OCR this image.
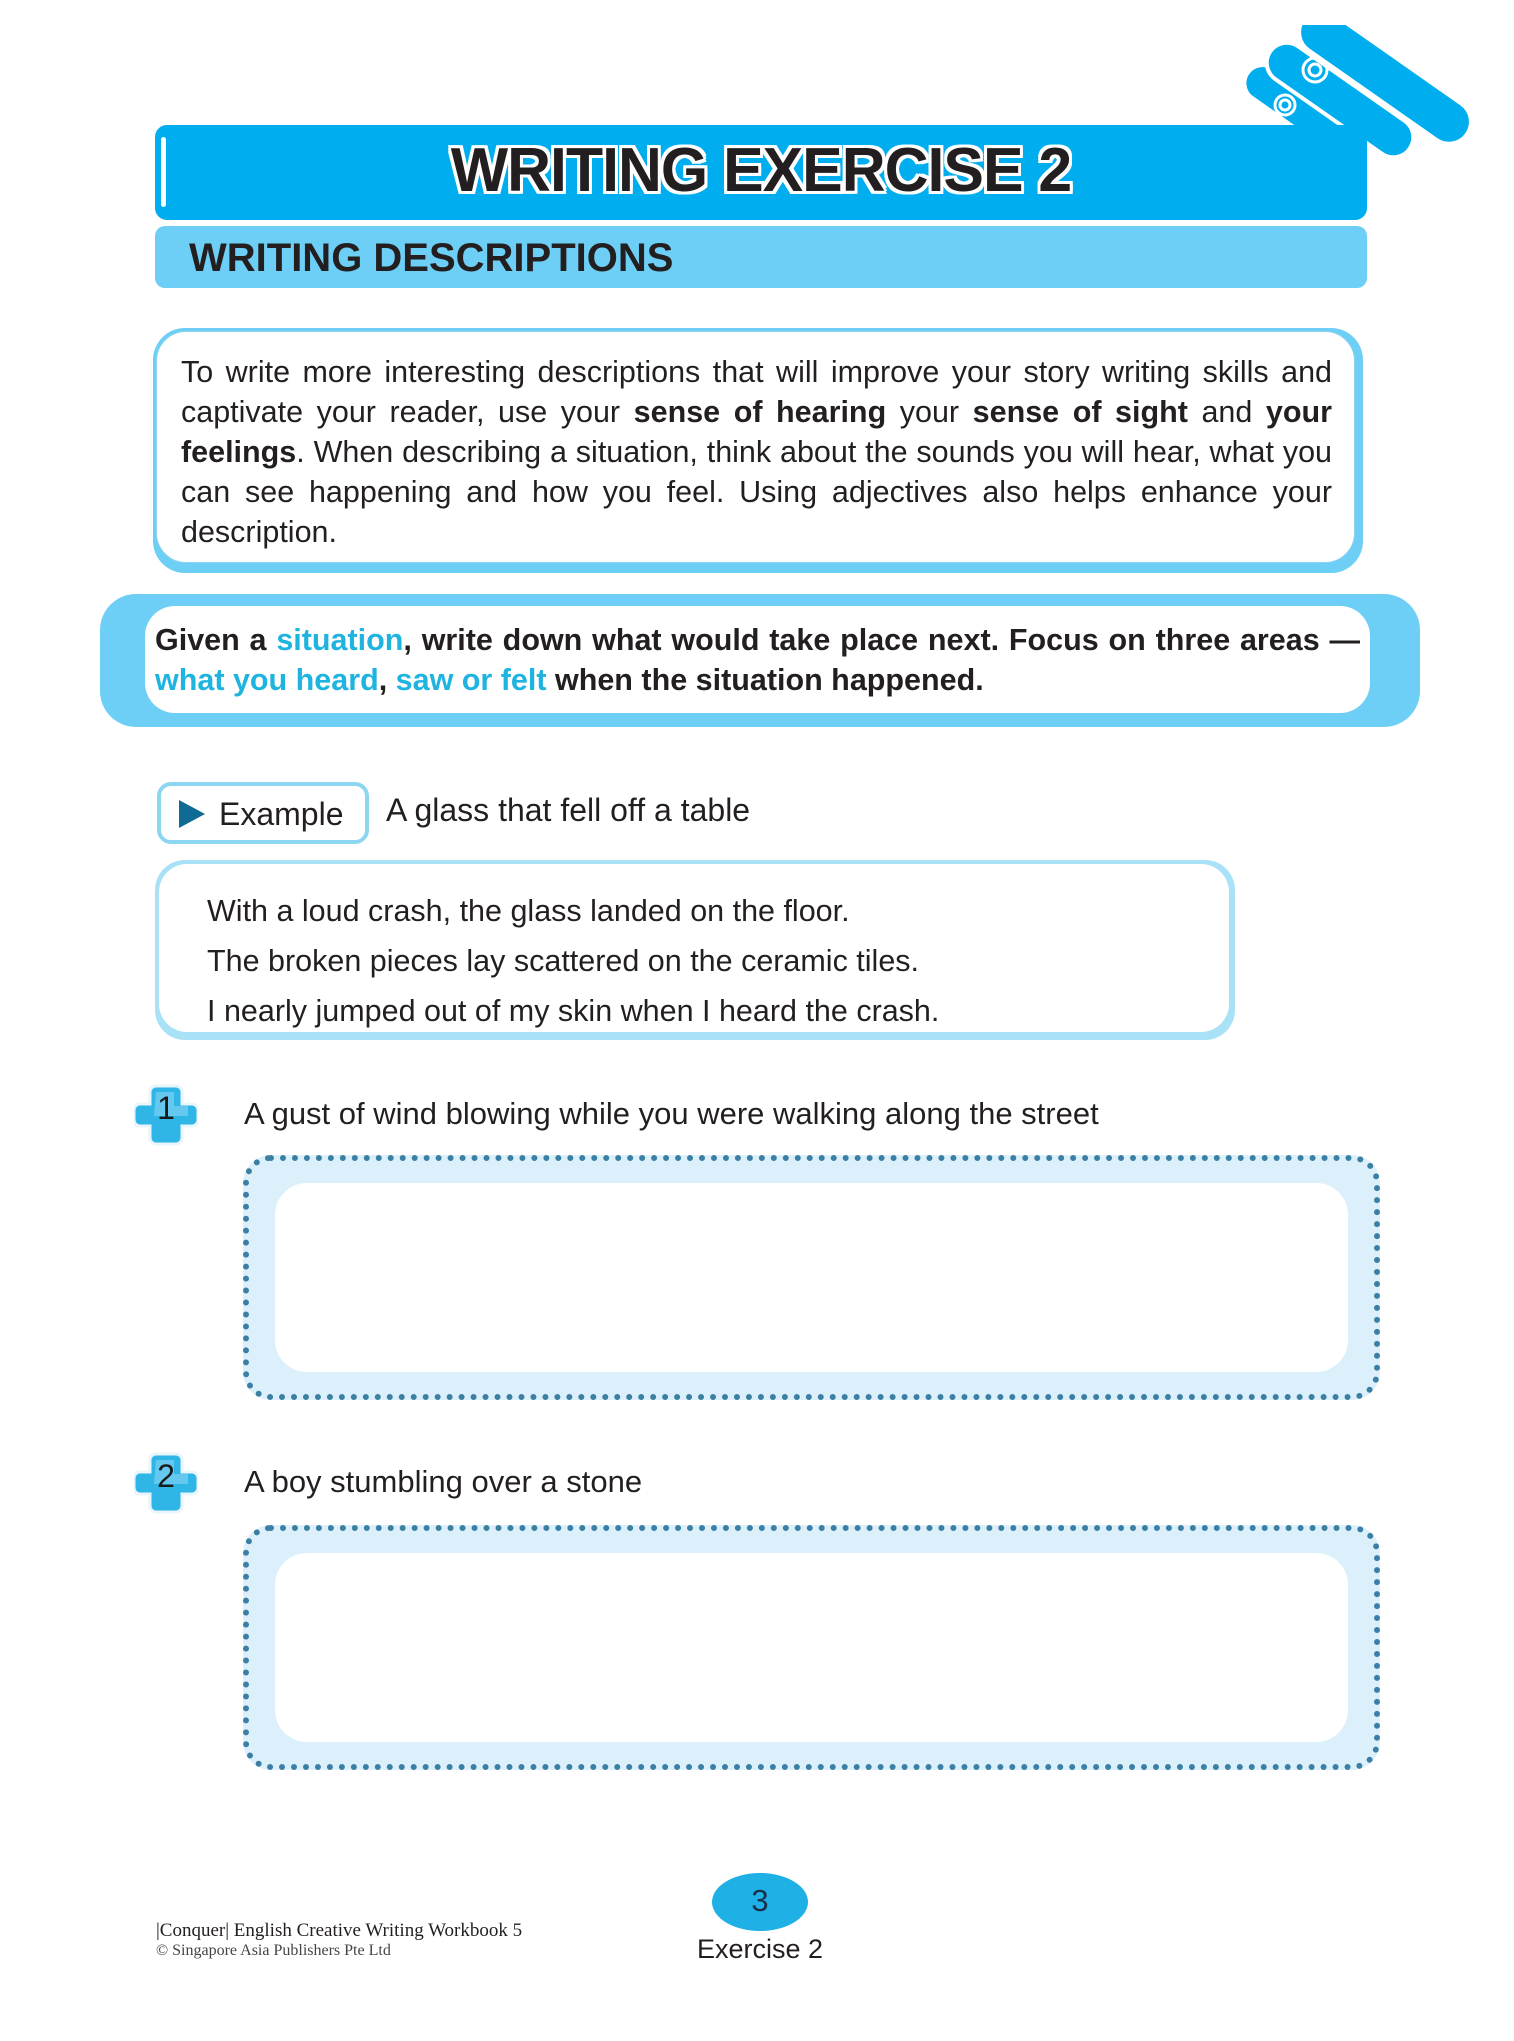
WRITING EXERCISE 2
WRITING DESCRIPTIONS
To write more interesting descriptions that will improve your story writing skills and captivate your reader, use your sense of hearing your sense of sight and your feelings. When describing a situation, think about the sounds you will hear, what you can see happening and how you feel. Using adjectives also helps enhance your description.
Given a situation, write down what would take place next. Focus on three areas — what you heard, saw or felt when the situation happened.
Example A glass that fell off a table
With a loud crash, the glass landed on the floor.
The broken pieces lay scattered on the ceramic tiles.
I nearly jumped out of my skin when I heard the crash.
1	A gust of wind blowing while you were walking along the street
2	A boy stumbling over a stone
|Conquer| English Creative Writing Workbook 5
© Singapore Asia Publishers Pte Ltd
3
Exercise 2
